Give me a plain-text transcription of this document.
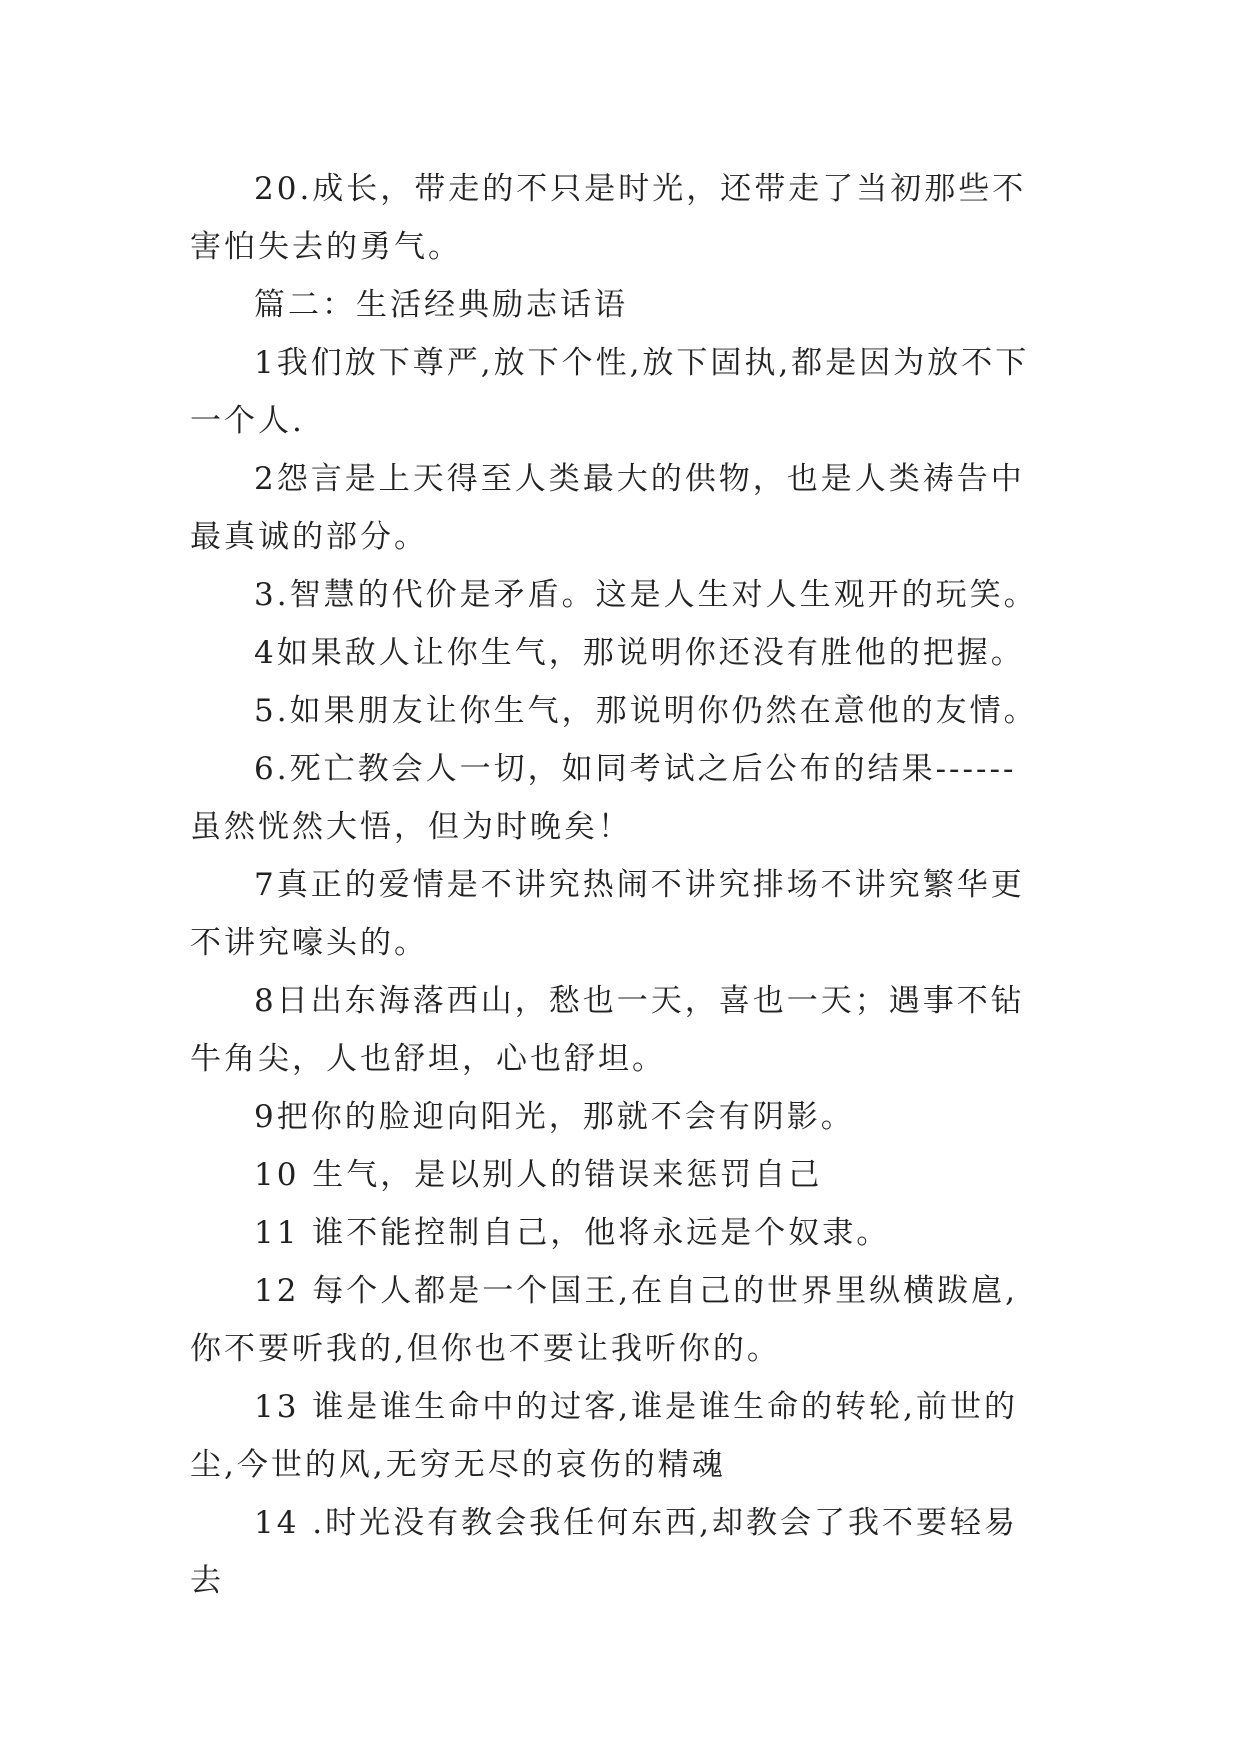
20.成长，带走的不只是时光，还带走了当初那些不害怕失去的勇气。

篇二：生活经典励志话语

1我们放下尊严,放下个性,放下固执,都是因为放不下一个人.

2怨言是上天得至人类最大的供物，也是人类祷告中最真诚的部分。

3.智慧的代价是矛盾。这是人生对人生观开的玩笑。

4如果敌人让你生气，那说明你还没有胜他的把握。

5.如果朋友让你生气，那说明你仍然在意他的友情。

6.死亡教会人一切，如同考试之后公布的结果------虽然恍然大悟，但为时晚矣！

7真正的爱情是不讲究热闹不讲究排场不讲究繁华更不讲究嚎头的。

8日出东海落西山，愁也一天，喜也一天；遇事不钻牛角尖，人也舒坦，心也舒坦。

9把你的脸迎向阳光，那就不会有阴影。

10 生气，是以别人的错误来惩罚自己

11 谁不能控制自己，他将永远是个奴隶。

12 每个人都是一个国王,在自己的世界里纵横跋扈,你不要听我的,但你也不要让我听你的。

13 谁是谁生命中的过客,谁是谁生命的转轮,前世的尘,今世的风,无穷无尽的哀伤的精魂

14 .时光没有教会我任何东西,却教会了我不要轻易去
